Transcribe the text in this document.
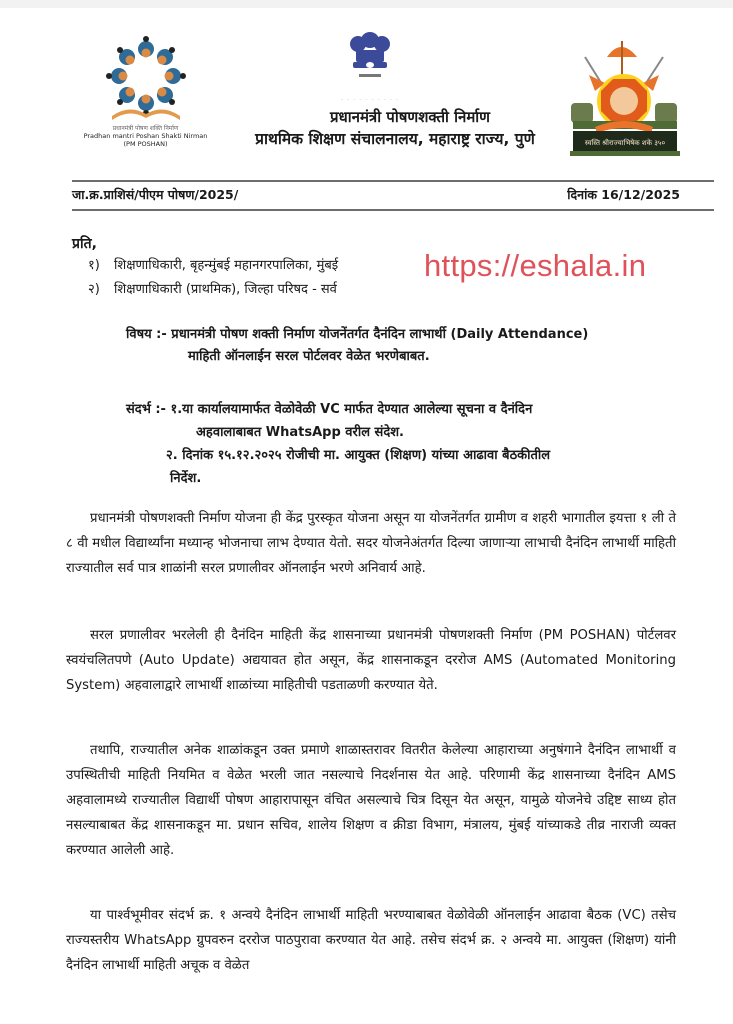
प्रधानमंत्री पोषण शक्ति निर्माण
Pradhan mantri Poshan Shakti Nirman
(PM POSHAN)
- - - - - - - - - -
स्वस्ति श्रीराज्याभिषेक शके ३५०
प्रधानमंत्री पोषणशक्ती निर्माण
प्राथमिक शिक्षण संचालनालय, महाराष्ट्र राज्य, पुणे
जा.क्र.प्राशिसं/पीएम पोषण/2025/	दिनांक 16/12/2025
प्रति,
१) शिक्षणाधिकारी, बृहन्मुंबई महानगरपालिका, मुंबई
२) शिक्षणाधिकारी (प्राथमिक), जिल्हा परिषद - सर्व
https://eshala.in
विषय :- प्रधानमंत्री पोषण शक्ती निर्माण योजनेंतर्गत दैनंदिन लाभार्थी (Daily Attendance)
माहिती ऑनलाईन सरल पोर्टलवर वेळेत भरणेबाबत.
संदर्भ :- १.या कार्यालयामार्फत वेळोवेळी VC मार्फत देण्यात आलेल्या सूचना व दैनंदिन
अहवालाबाबत WhatsApp वरील संदेश.
२. दिनांक १५.१२.२०२५ रोजीची मा. आयुक्त (शिक्षण) यांच्या आढावा बैठकीतील
निर्देश.
प्रधानमंत्री पोषणशक्ती निर्माण योजना ही केंद्र पुरस्कृत योजना असून या योजनेंतर्गत ग्रामीण व शहरी भागातील इयत्ता १ ली ते ८ वी मधील विद्यार्थ्यांना मध्यान्ह भोजनाचा लाभ देण्यात येतो. सदर योजनेअंतर्गत दिल्या जाणाऱ्या लाभाची दैनंदिन लाभार्थी माहिती राज्यातील सर्व पात्र शाळांनी सरल प्रणालीवर ऑनलाईन भरणे अनिवार्य आहे.
सरल प्रणालीवर भरलेली ही दैनंदिन माहिती केंद्र शासनाच्या प्रधानमंत्री पोषणशक्ती निर्माण (PM POSHAN) पोर्टलवर स्वयंचलितपणे (Auto Update) अद्ययावत होत असून, केंद्र शासनाकडून दररोज AMS (Automated Monitoring System) अहवालाद्वारे लाभार्थी शाळांच्या माहितीची पडताळणी करण्यात येते.
तथापि, राज्यातील अनेक शाळांकडून उक्त प्रमाणे शाळास्तरावर वितरीत केलेल्या आहाराच्या अनुषंगाने दैनंदिन लाभार्थी व उपस्थितीची माहिती नियमित व वेळेत भरली जात नसल्याचे निदर्शनास येत आहे. परिणामी केंद्र शासनाच्या दैनंदिन AMS अहवालामध्ये राज्यातील विद्यार्थी पोषण आहारापासून वंचित असल्याचे चित्र दिसून येत असून, यामुळे योजनेचे उद्दिष्ट साध्य होत नसल्याबाबत केंद्र शासनाकडून मा. प्रधान सचिव, शालेय शिक्षण व क्रीडा विभाग, मंत्रालय, मुंबई यांच्याकडे तीव्र नाराजी व्यक्त करण्यात आलेली आहे.
या पार्श्वभूमीवर संदर्भ क्र. १ अन्वये दैनंदिन लाभार्थी माहिती भरण्याबाबत वेळोवेळी ऑनलाईन आढावा बैठक (VC) तसेच राज्यस्तरीय WhatsApp ग्रुपवरुन दररोज पाठपुरावा करण्यात येत आहे. तसेच संदर्भ क्र. २ अन्वये मा. आयुक्त (शिक्षण) यांनी दैनंदिन लाभार्थी माहिती अचूक व वेळेत
